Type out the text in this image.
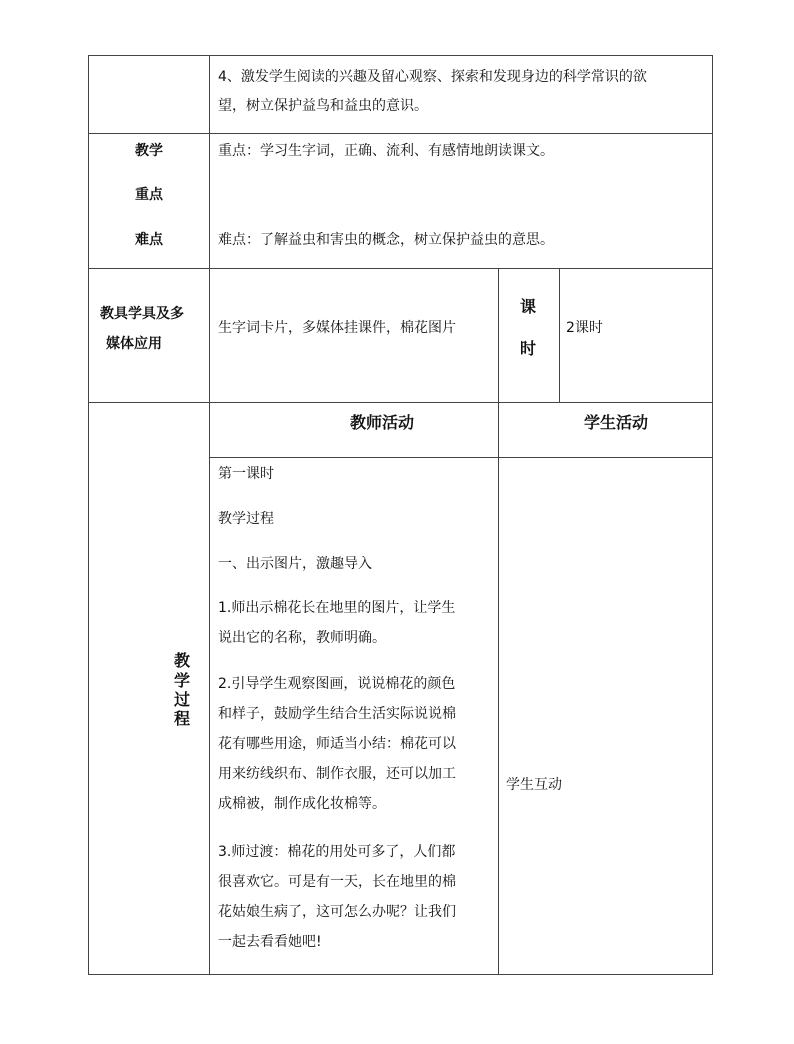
4、激发学生阅读的兴趣及留心观察、探索和发现身边的科学常识的欲
望，树立保护益鸟和益虫的意识。
教学
重点
难点
重点：学习生字词，正确、流利、有感情地朗读课文。
难点：了解益虫和害虫的概念，树立保护益虫的意思。
教具学具及多
媒体应用
生字词卡片，多媒体挂课件，棉花图片
课
时
2课时
教师活动	学生活动
教
学过
程
第一课时
教学过程
一、出示图片，激趣导入
1.师出示棉花长在地里的图片，让学生
说出它的名称，教师明确。
2.引导学生观察图画，说说棉花的颜色
和样子，鼓励学生结合生活实际说说棉
花有哪些用途，师适当小结：棉花可以
用来纺线织布、制作衣服，还可以加工
成棉被，制作成化妆棉等。
3.师过渡：棉花的用处可多了，人们都
很喜欢它。可是有一天，长在地里的棉
花姑娘生病了，这可怎么办呢？让我们
一起去看看她吧!
学生互动
